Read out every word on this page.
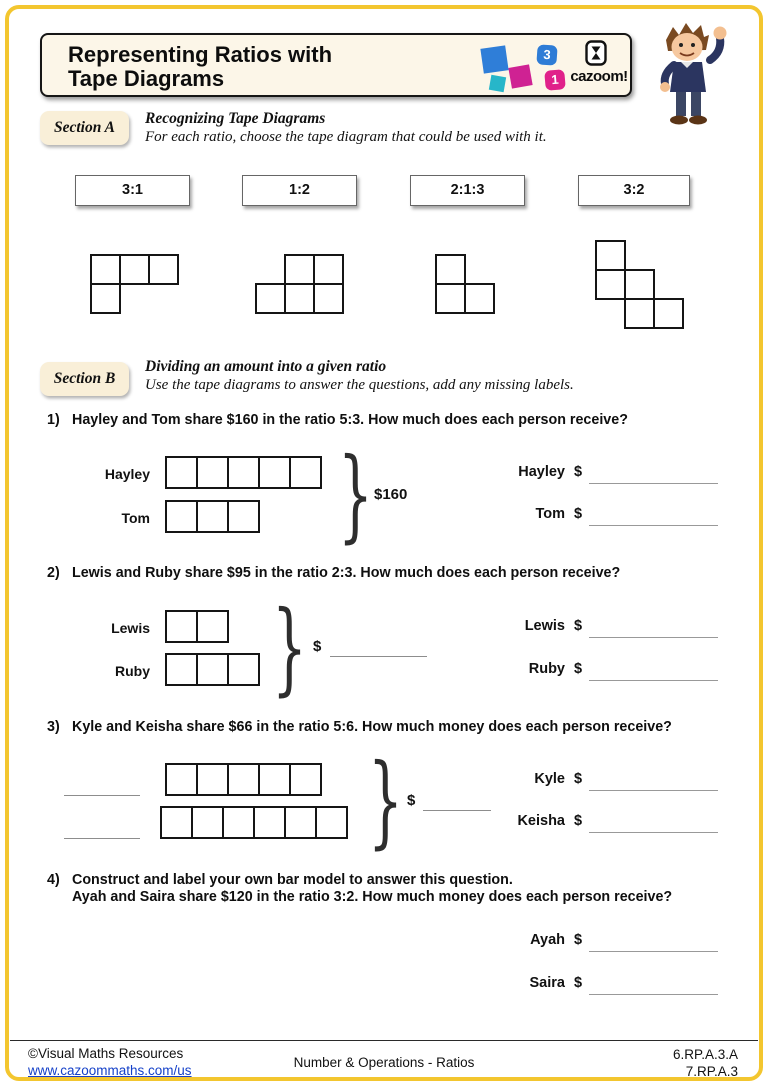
Representing Ratios with
Tape Diagrams
3
1 cazoom!
Section A
Recognizing Tape Diagrams
For each ratio, choose the tape diagram that could be used with it.
3:1	1:2	2:1:3	3:2
Section B
Dividing an amount into a given ratio
Use the tape diagrams to answer the questions, add any missing labels.
1) Hayley and Tom share $160 in the ratio 5:3. How much does each person receive?
Hayley
Tom } $160
Hayley $
Tom $
2) Lewis and Ruby share $95 in the ratio 2:3. How much does each person receive?
Lewis
Ruby } $
Lewis $
Ruby $
3) Kyle and Keisha share $66 in the ratio 5:6. How much money does each person receive?
} $
Kyle $
Keisha $
4) Construct and label your own bar model to answer this question.
Ayah and Saira share $120 in the ratio 3:2. How much money does each person receive?
Ayah $
Saira $
©Visual Maths Resources
www.cazoommaths.com/us
Number & Operations - Ratios
6.RP.A.3.A
7.RP.A.3
